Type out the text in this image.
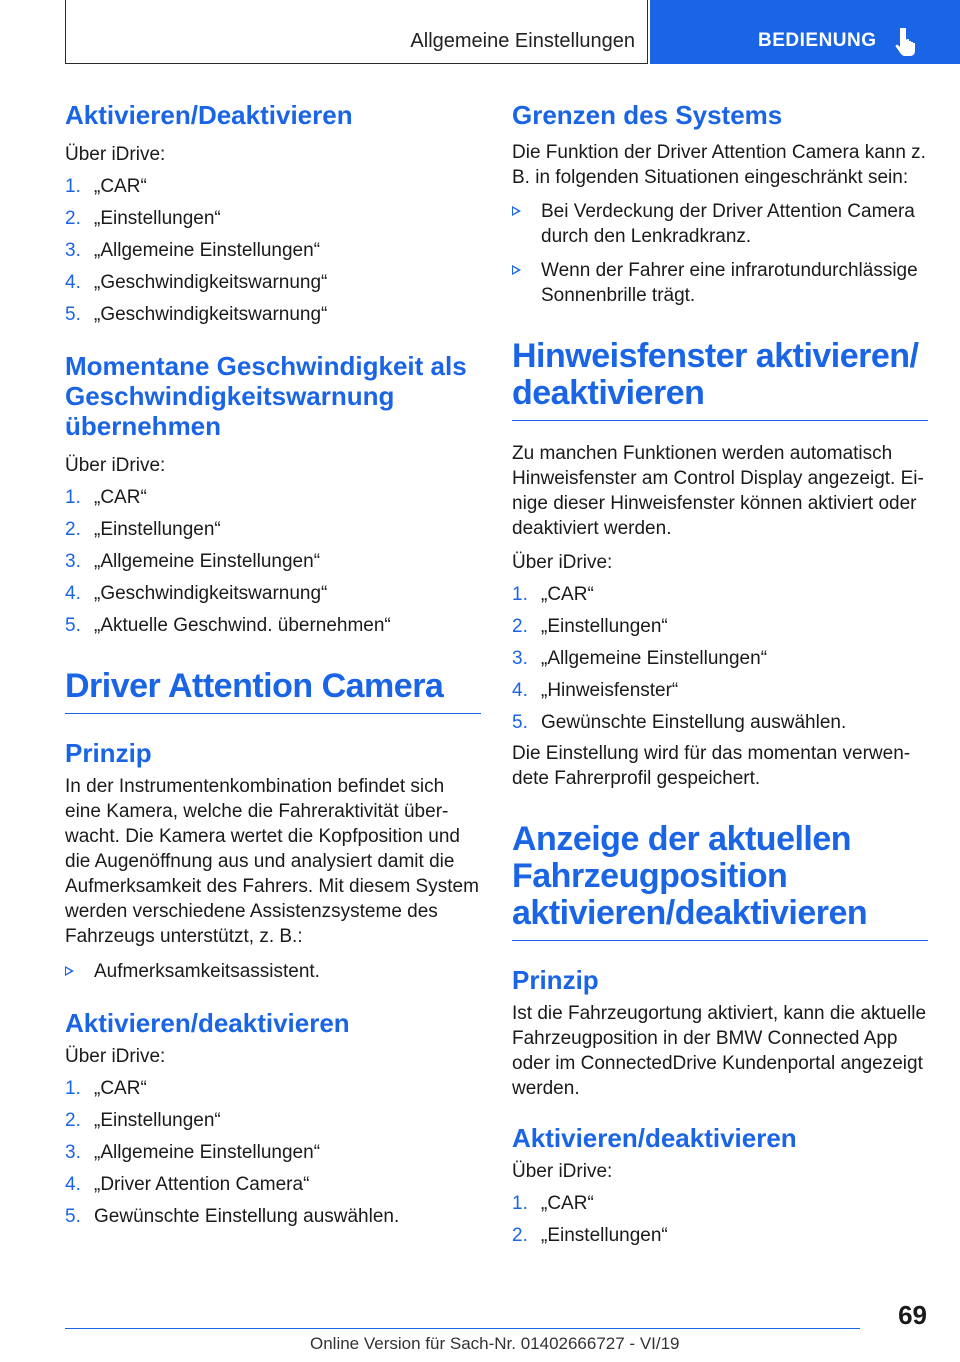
Allgemeine Einstellungen	BEDIENUNG
Aktivieren/Deaktivieren

Über iDrive:

1. „CAR“
2. „Einstellungen“
3. „Allgemeine Einstellungen“
4. „Geschwindigkeitswarnung“
5. „Geschwindigkeitswarnung“
Momentane Geschwindigkeit als Geschwindigkeitswarnung übernehmen

Über iDrive:

1. „CAR“
2. „Einstellungen“
3. „Allgemeine Einstellungen“
4. „Geschwindigkeitswarnung“
5. „Aktuelle Geschwind. übernehmen“
Driver Attention Camera
Prinzip

In der Instrumentenkombination befindet sich eine Kamera, welche die Fahreraktivität überwacht. Die Kamera wertet die Kopfposition und die Augenöffnung aus und analysiert damit die Aufmerksamkeit des Fahrers. Mit diesem System werden verschiedene Assistenzsysteme des Fahrzeugs unterstützt, z. B.:

Aufmerksamkeitsassistent.
Aktivieren/deaktivieren

Über iDrive:

1. „CAR“
2. „Einstellungen“
3. „Allgemeine Einstellungen“
4. „Driver Attention Camera“
5. Gewünschte Einstellung auswählen.
Grenzen des Systems

Die Funktion der Driver Attention Camera kann z. B. in folgenden Situationen eingeschränkt sein:

Bei Verdeckung der Driver Attention Camera durch den Lenkradkranz.
Wenn der Fahrer eine infrarotundurchlässige Sonnenbrille trägt.
Hinweisfenster aktivieren/ deaktivieren

Zu manchen Funktionen werden automatisch Hinweisfenster am Control Display angezeigt. Einige dieser Hinweisfenster können aktiviert oder deaktiviert werden.

Über iDrive:

1. „CAR“
2. „Einstellungen“
3. „Allgemeine Einstellungen“
4. „Hinweisfenster“
5. Gewünschte Einstellung auswählen.

Die Einstellung wird für das momentan verwendete Fahrerprofil gespeichert.

Anzeige der aktuellen Fahrzeugposition aktivieren/deaktivieren
Prinzip

Ist die Fahrzeugortung aktiviert, kann die aktuelle Fahrzeugposition in der BMW Connected App oder im ConnectedDrive Kundenportal angezeigt werden.

Aktivieren/deaktivieren

Über iDrive:

1. „CAR“
2. „Einstellungen“
69
Online Version für Sach-Nr. 01402666727 - VI/19
